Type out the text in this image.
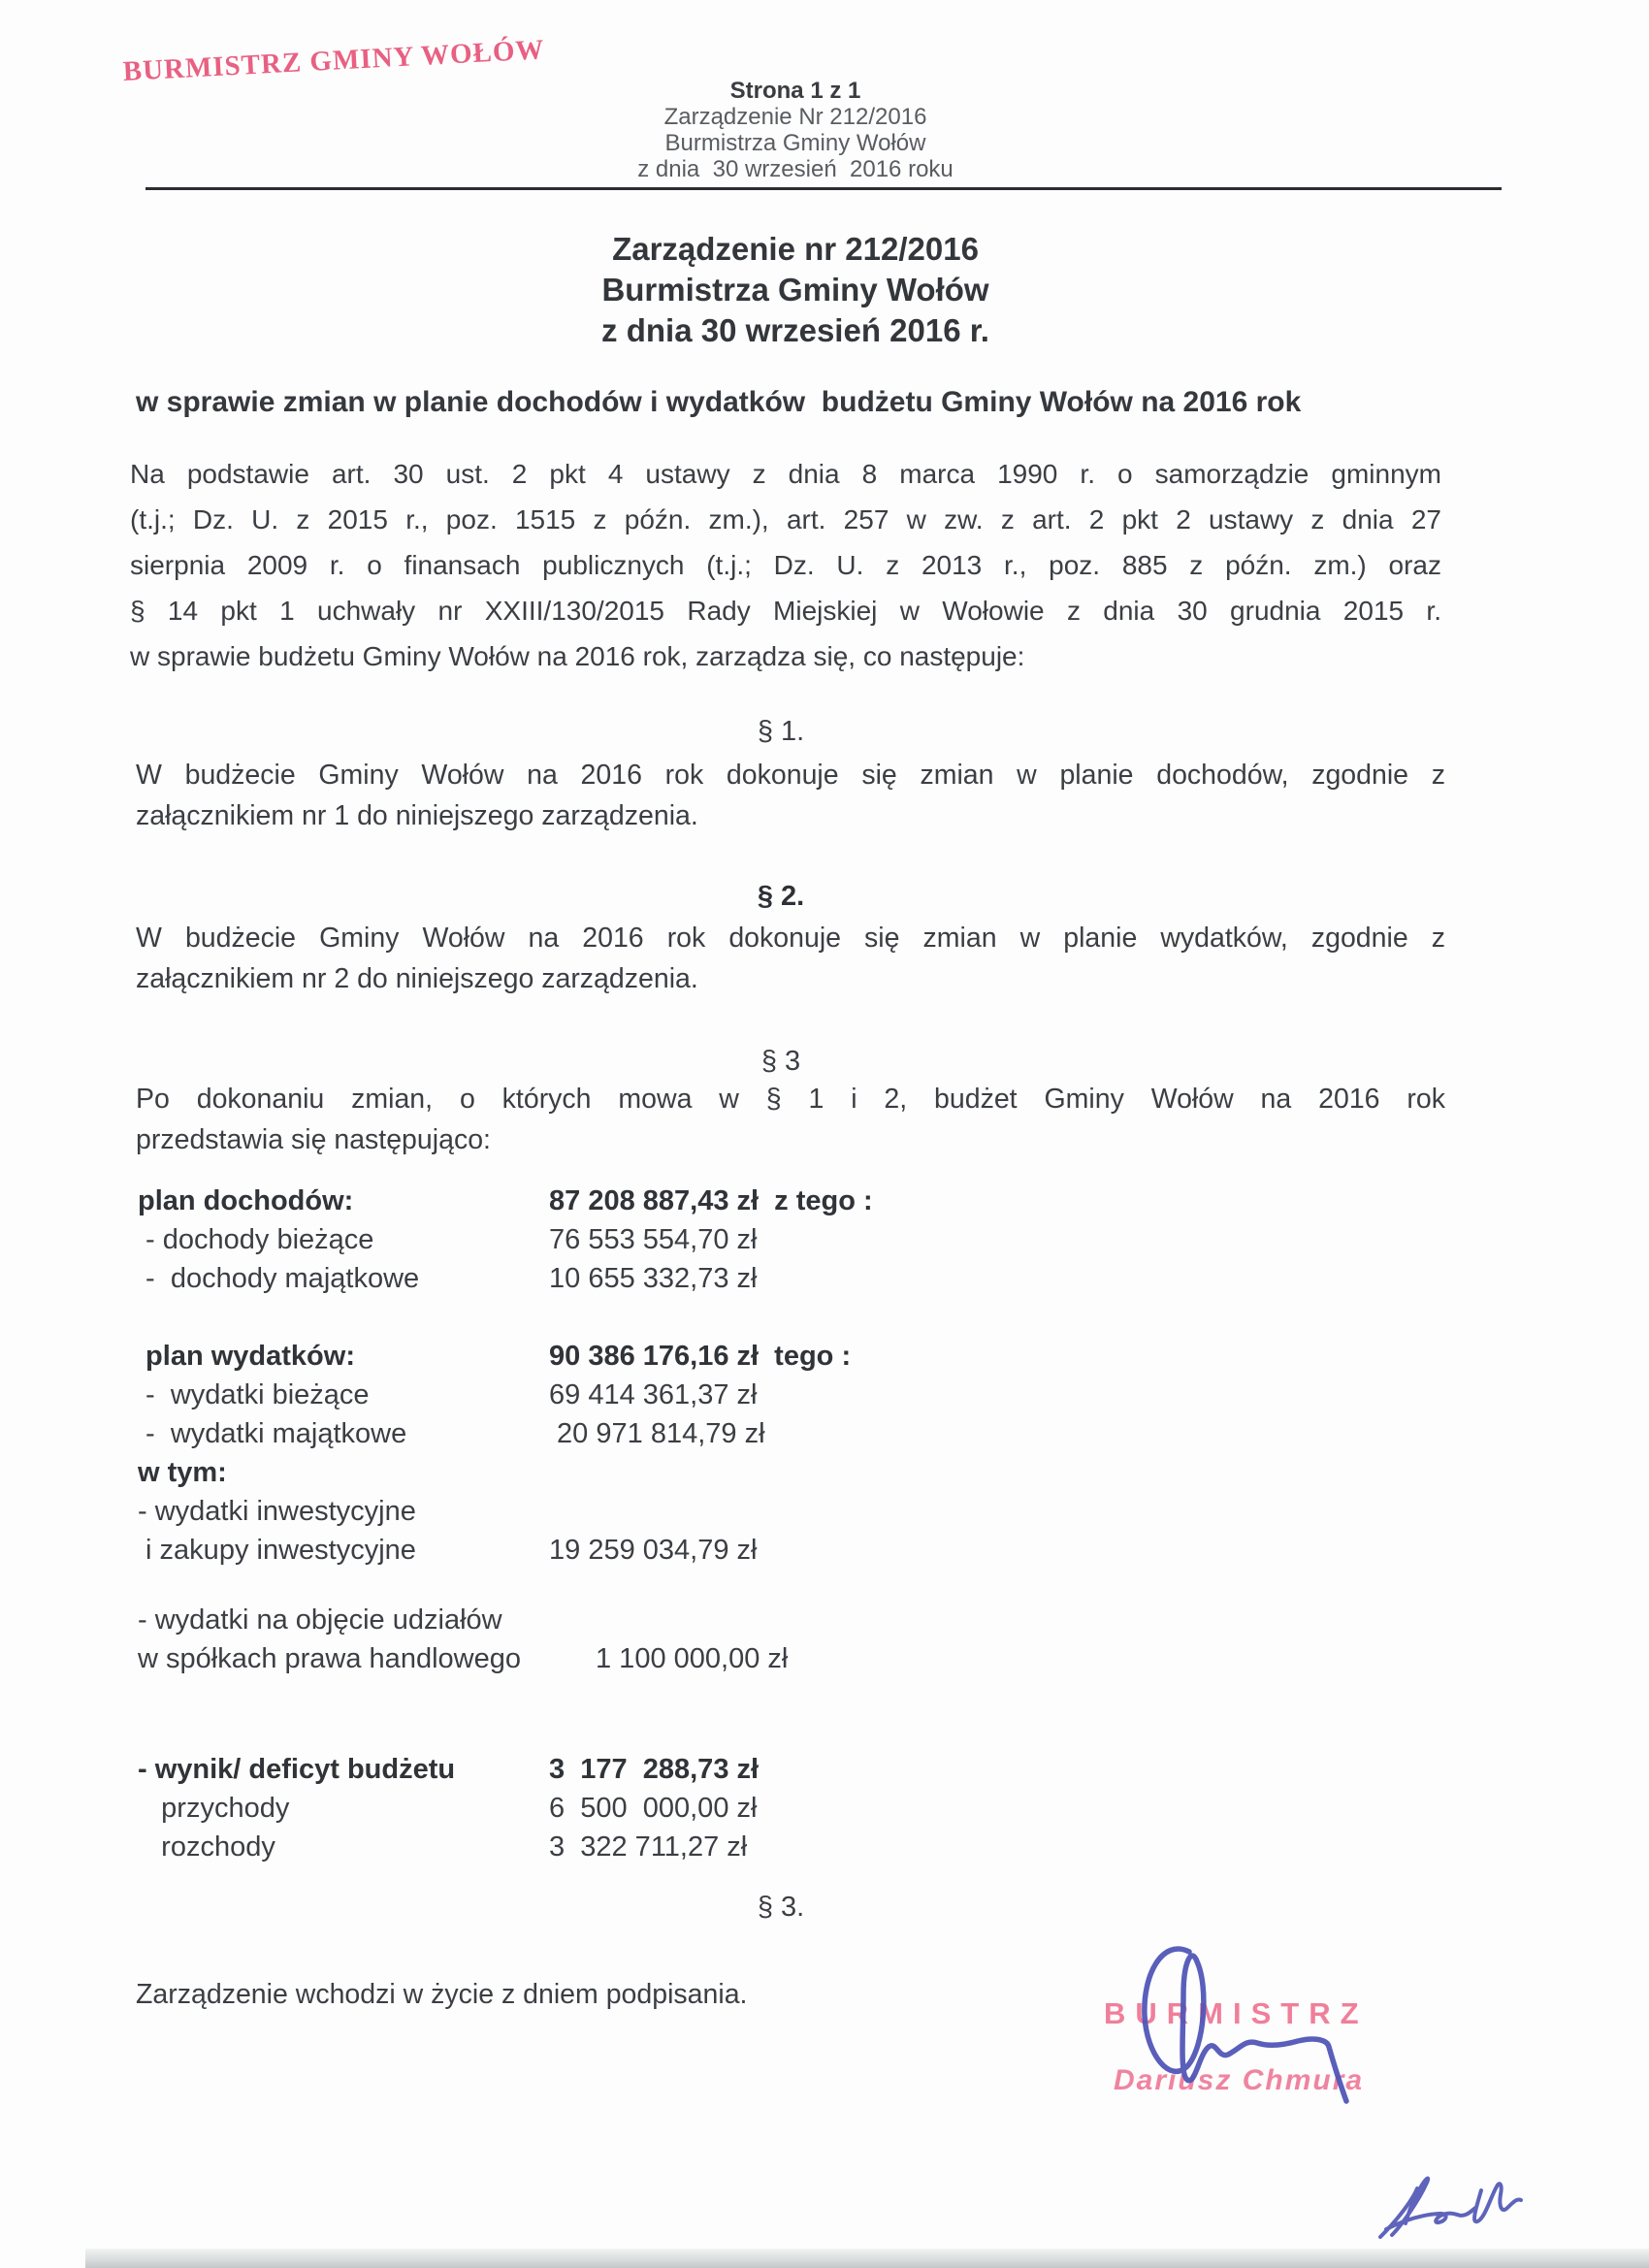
BURMISTRZ GMINY WOŁÓW
Strona 1 z 1
Zarządzenie Nr 212/2016
Burmistrza Gminy Wołów
z dnia  30 wrzesień  2016 roku
Zarządzenie nr 212/2016
Burmistrza Gminy Wołów
z dnia 30 wrzesień 2016 r.
w sprawie zmian w planie dochodów i wydatków  budżetu Gminy Wołów na 2016 rok
Na podstawie art. 30 ust. 2 pkt 4 ustawy z dnia 8 marca 1990 r. o samorządzie gminnym
(t.j.; Dz. U. z 2015 r., poz. 1515 z późn. zm.), art. 257 w zw. z art. 2 pkt 2 ustawy z dnia 27
sierpnia 2009 r. o finansach publicznych (t.j.; Dz. U. z 2013 r., poz. 885 z późn. zm.) oraz
§ 14 pkt 1 uchwały nr XXIII/130/2015 Rady Miejskiej w Wołowie z dnia 30 grudnia 2015 r.
w sprawie budżetu Gminy Wołów na 2016 rok, zarządza się, co następuje:
§ 1.
W budżecie Gminy Wołów na 2016 rok dokonuje się zmian w planie dochodów, zgodnie z
załącznikiem nr 1 do niniejszego zarządzenia.
§ 2.
W budżecie Gminy Wołów na 2016 rok dokonuje się zmian w planie wydatków, zgodnie z
załącznikiem nr 2 do niniejszego zarządzenia.
§ 3
Po dokonaniu zmian, o których mowa w § 1 i 2, budżet Gminy Wołów na 2016 rok
przedstawia się następująco:
plan dochodów:	87 208 887,43 zł  z tego :
- dochody bieżące	76 553 554,70 zł
-  dochody majątkowe	10 655 332,73 zł
plan wydatków:	90 386 176,16 zł  tego :
-  wydatki bieżące	69 414 361,37 zł
-  wydatki majątkowe	20 971 814,79 zł
w tym:
- wydatki inwestycyjne
i zakupy inwestycyjne	19 259 034,79 zł
- wydatki na objęcie udziałów
w spółkach prawa handlowego	1 100 000,00 zł
- wynik/ deficyt budżetu	3  177  288,73 zł
przychody	6  500  000,00 zł
rozchody	3  322 711,27 zł
§ 3.
Zarządzenie wchodzi w życie z dniem podpisania.
BURMISTRZ
Dariusz Chmura
